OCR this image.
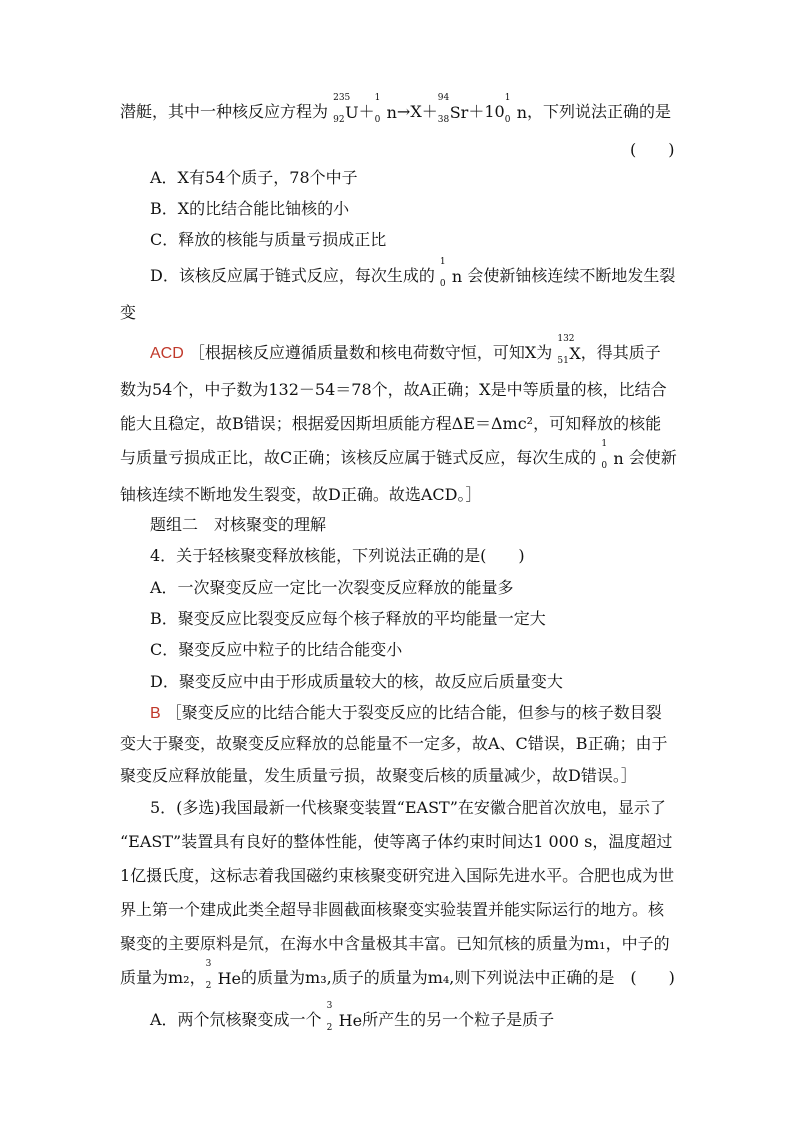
潜艇，其中一种核反应方程为
235
92 U＋
1
0 n→X＋
94
38 Sr＋10
1
0 n，下列说法正确的是
(　　)
A．X有54个质子，78个中子
B．X的比结合能比铀核的小
C．释放的核能与质量亏损成正比
D．该核反应属于链式反应，每次生成的
1
0 n 会使新铀核连续不断地发生裂
变
ACD ［根据核反应遵循质量数和核电荷数守恒，可知X为
132
51 X，得其质子
数为54个，中子数为132－54＝78个，故A正确；X是中等质量的核，比结合
能大且稳定，故B错误；根据爱因斯坦质能方程ΔE＝Δmc²，可知释放的核能
与质量亏损成正比，故C正确；该核反应属于链式反应，每次生成的
1
0 n 会使新
铀核连续不断地发生裂变，故D正确。故选ACD。］
题组二　对核聚变的理解
4．关于轻核聚变释放核能，下列说法正确的是(　　)
A．一次聚变反应一定比一次裂变反应释放的能量多
B．聚变反应比裂变反应每个核子释放的平均能量一定大
C．聚变反应中粒子的比结合能变小
D．聚变反应中由于形成质量较大的核，故反应后质量变大
B ［聚变反应的比结合能大于裂变反应的比结合能，但参与的核子数目裂
变大于聚变，故聚变反应释放的总能量不一定多，故A、C错误，B正确；由于
聚变反应释放能量，发生质量亏损，故聚变后核的质量减少，故D错误。］
5．(多选)我国最新一代核聚变装置“EAST”在安徽合肥首次放电，显示了
“EAST”装置具有良好的整体性能，使等离子体约束时间达1 000 s，温度超过
1亿摄氏度，这标志着我国磁约束核聚变研究进入国际先进水平。合肥也成为世
界上第一个建成此类全超导非圆截面核聚变实验装置并能实际运行的地方。核
聚变的主要原料是氘，在海水中含量极其丰富。已知氘核的质量为m₁，中子的
质量为m₂，
3
2 He的质量为m₃,质子的质量为m₄,则下列说法中正确的是　(　　)
A．两个氘核聚变成一个
3
2 He所产生的另一个粒子是质子
